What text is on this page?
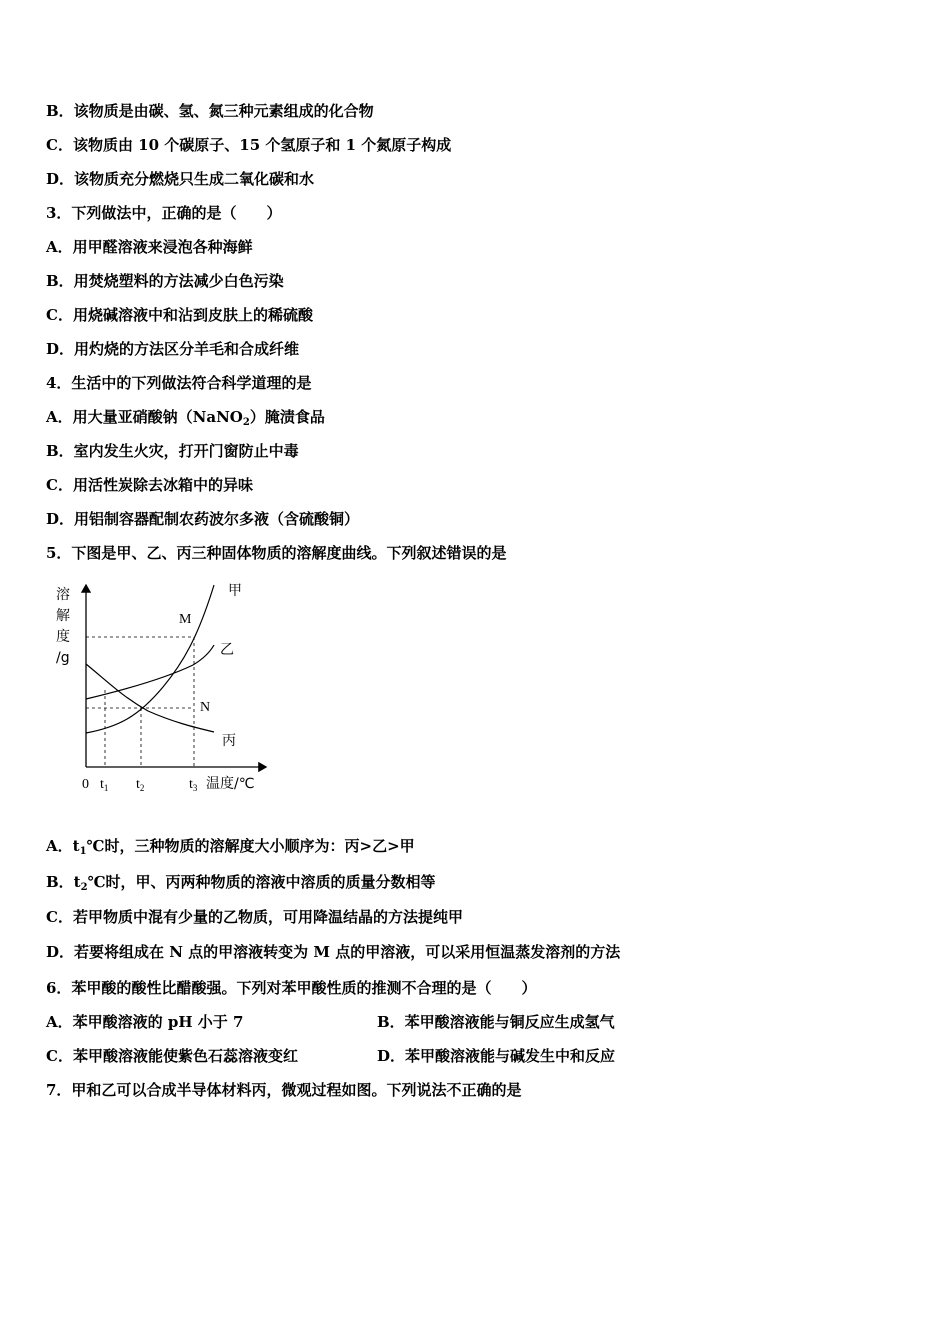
B．该物质是由碳、氢、氮三种元素组成的化合物
C．该物质由 10 个碳原子、15 个氢原子和 1 个氮原子构成
D．该物质充分燃烧只生成二氧化碳和水
3．下列做法中，正确的是（　　）
A．用甲醛溶液来浸泡各种海鲜
B．用焚烧塑料的方法减少白色污染
C．用烧碱溶液中和沾到皮肤上的稀硫酸
D．用灼烧的方法区分羊毛和合成纤维
4．生活中的下列做法符合科学道理的是
A．用大量亚硝酸钠（NaNO$_2$）腌渍食品
B．室内发生火灾，打开门窗防止中毒
C．用活性炭除去冰箱中的异味
D．用铝制容器配制农药波尔多液（含硫酸铜）
5．下图是甲、乙、丙三种固体物质的溶解度曲线。下列叙述错误的是
溶
解
度
/g
甲
乙
丙
M
N
0 $t_1$ $t_2$	$t_3$ 温度/℃
A．$t_1℃$时，三种物质的溶解度大小顺序为：丙>乙>甲
B．$t_2℃$时，甲、丙两种物质的溶液中溶质的质量分数相等
C．若甲物质中混有少量的乙物质，可用降温结晶的方法提纯甲
D．若要将组成在 N 点的甲溶液转变为 M 点的甲溶液，可以采用恒温蒸发溶剂的方法
6．苯甲酸的酸性比醋酸强。下列对苯甲酸性质的推测不合理的是（　　）
A．苯甲酸溶液的 pH 小于 7	B．苯甲酸溶液能与铜反应生成氢气
C．苯甲酸溶液能使紫色石蕊溶液变红	D．苯甲酸溶液能与碱发生中和反应
7．甲和乙可以合成半导体材料丙，微观过程如图。下列说法不正确的是
